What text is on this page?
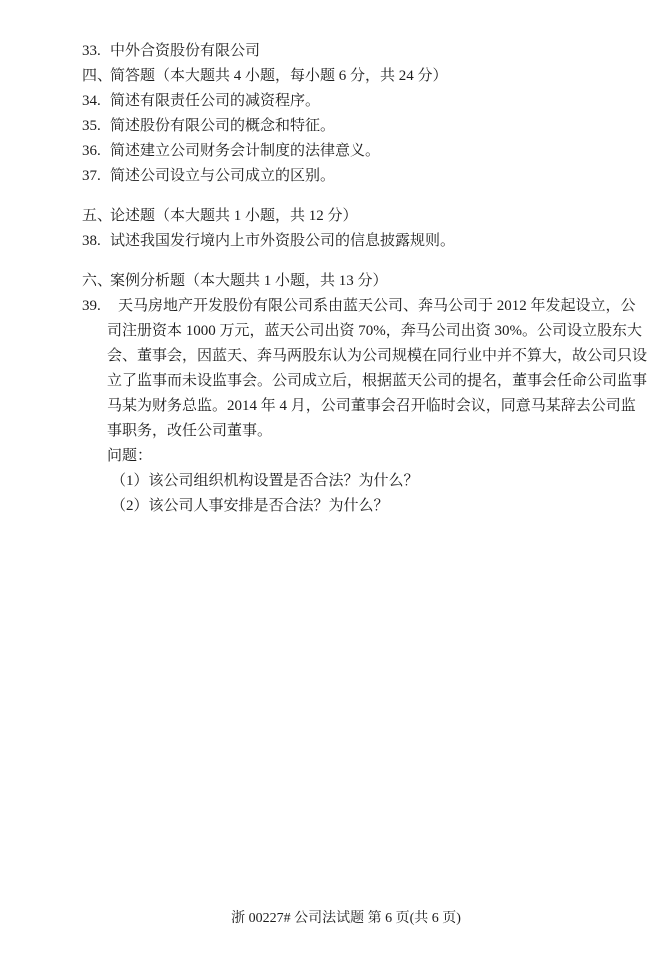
33. 中外合资股份有限公司
四、
简答题（本大题共 4 小题，每小题 6 分，共 24 分）
34. 简述有限责任公司的减资程序。
35. 简述股份有限公司的概念和特征。
36. 简述建立公司财务会计制度的法律意义。
37. 简述公司设立与公司成立的区别。
五、
论述题（本大题共 1 小题，共 12 分）
38. 试述我国发行境内上市外资股公司的信息披露规则。
六、
案例分析题（本大题共 1 小题，共 13 分）
39.	天马房地产开发股份有限公司系由蓝天公司、奔马公司于 2012 年发起设立，公
司注册资本 1000 万元，蓝天公司出资 70%，奔马公司出资 30%。公司设立股东大
会、董事会，因蓝天、奔马两股东认为公司规模在同行业中并不算大，故公司只设
立了监事而未设监事会。公司成立后，根据蓝天公司的提名，董事会任命公司监事
马某为财务总监。2014 年 4 月，公司董事会召开临时会议，同意马某辞去公司监
事职务，改任公司董事。
问题：
（1）该公司组织机构设置是否合法？为什么？
（2）该公司人事安排是否合法？为什么？
浙 00227# 公司法试题 第 6 页(共 6 页)
